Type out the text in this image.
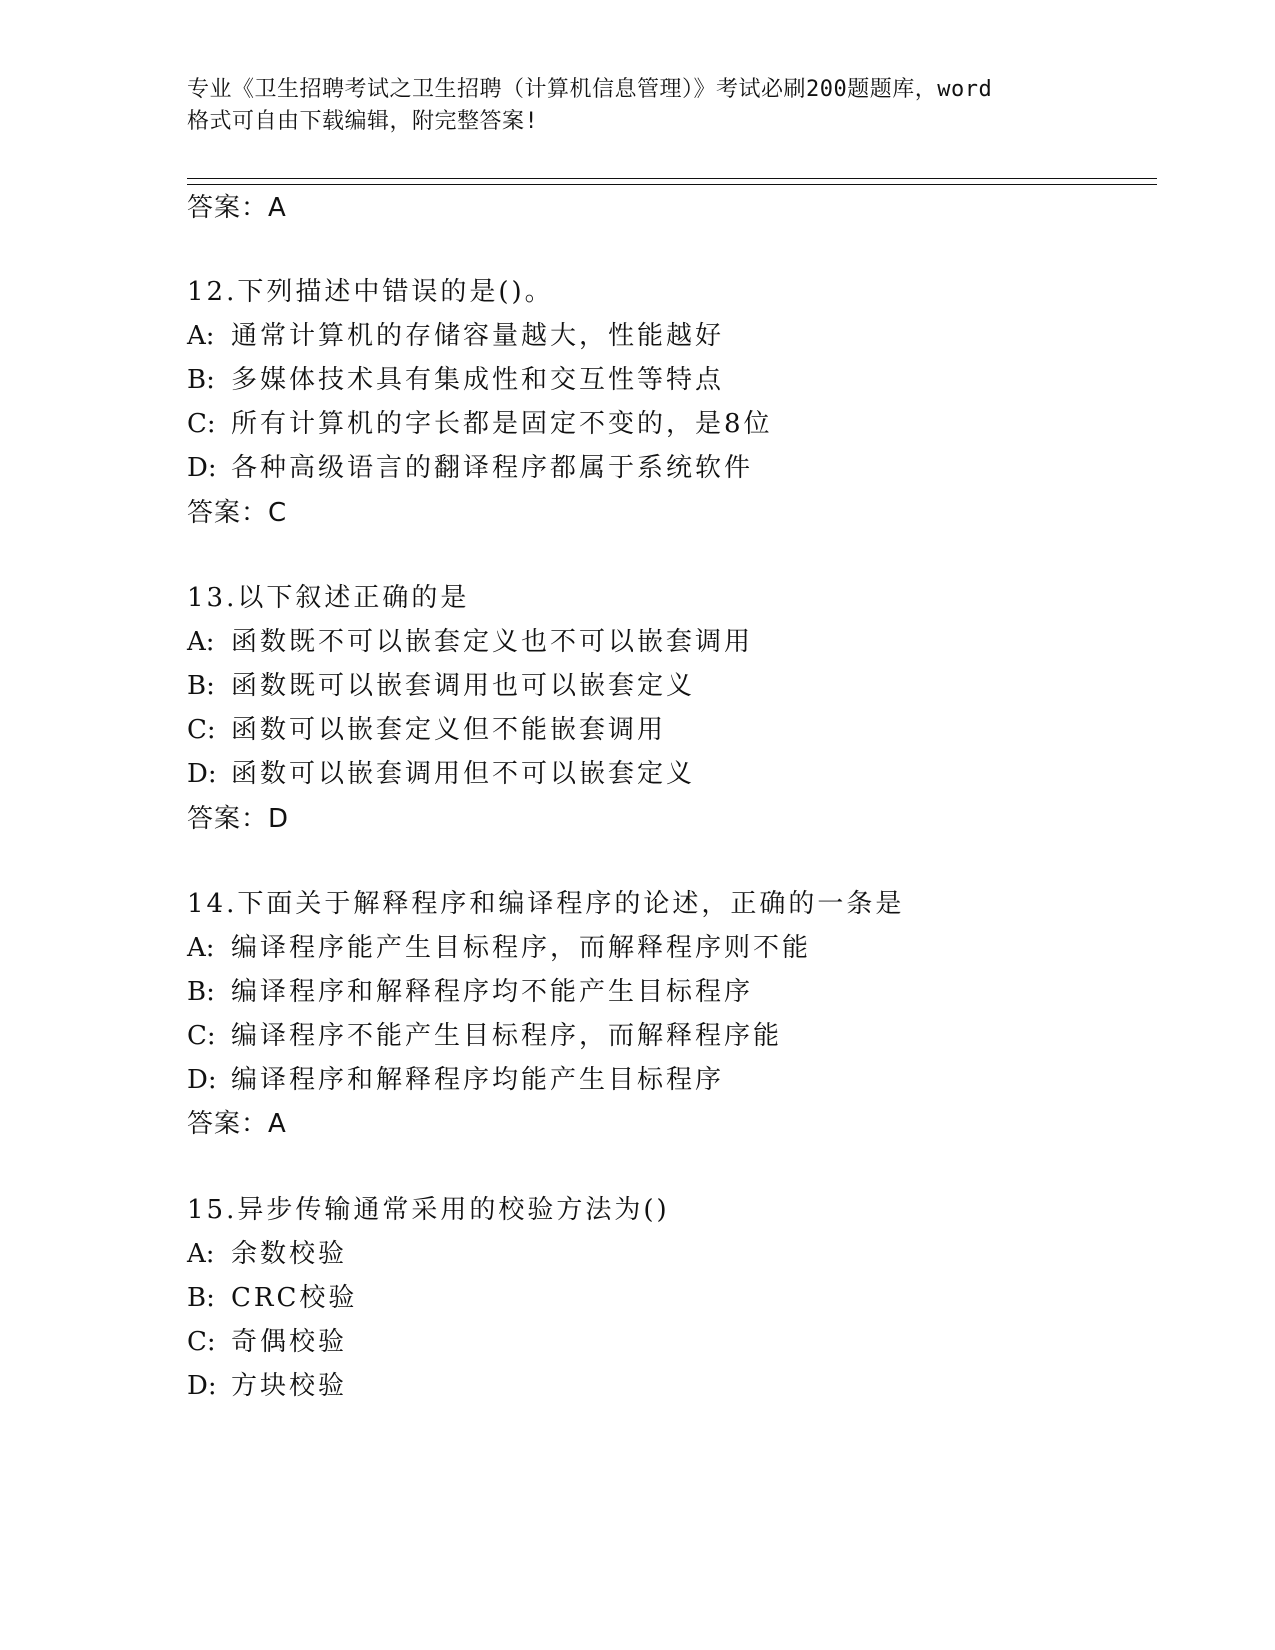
专业《卫生招聘考试之卫生招聘（计算机信息管理）》考试必刷200题题库，word
格式可自由下载编辑，附完整答案!
答案：A
12.下列描述中错误的是()。
A: 通常计算机的存储容量越大，性能越好
B: 多媒体技术具有集成性和交互性等特点
C: 所有计算机的字长都是固定不变的，是8位
D: 各种高级语言的翻译程序都属于系统软件
答案：C
13.以下叙述正确的是
A: 函数既不可以嵌套定义也不可以嵌套调用
B: 函数既可以嵌套调用也可以嵌套定义
C: 函数可以嵌套定义但不能嵌套调用
D: 函数可以嵌套调用但不可以嵌套定义
答案：D
14.下面关于解释程序和编译程序的论述，正确的一条是
A: 编译程序能产生目标程序，而解释程序则不能
B: 编译程序和解释程序均不能产生目标程序
C: 编译程序不能产生目标程序，而解释程序能
D: 编译程序和解释程序均能产生目标程序
答案：A
15.异步传输通常采用的校验方法为()
A: 余数校验
B: CRC校验
C: 奇偶校验
D: 方块校验
